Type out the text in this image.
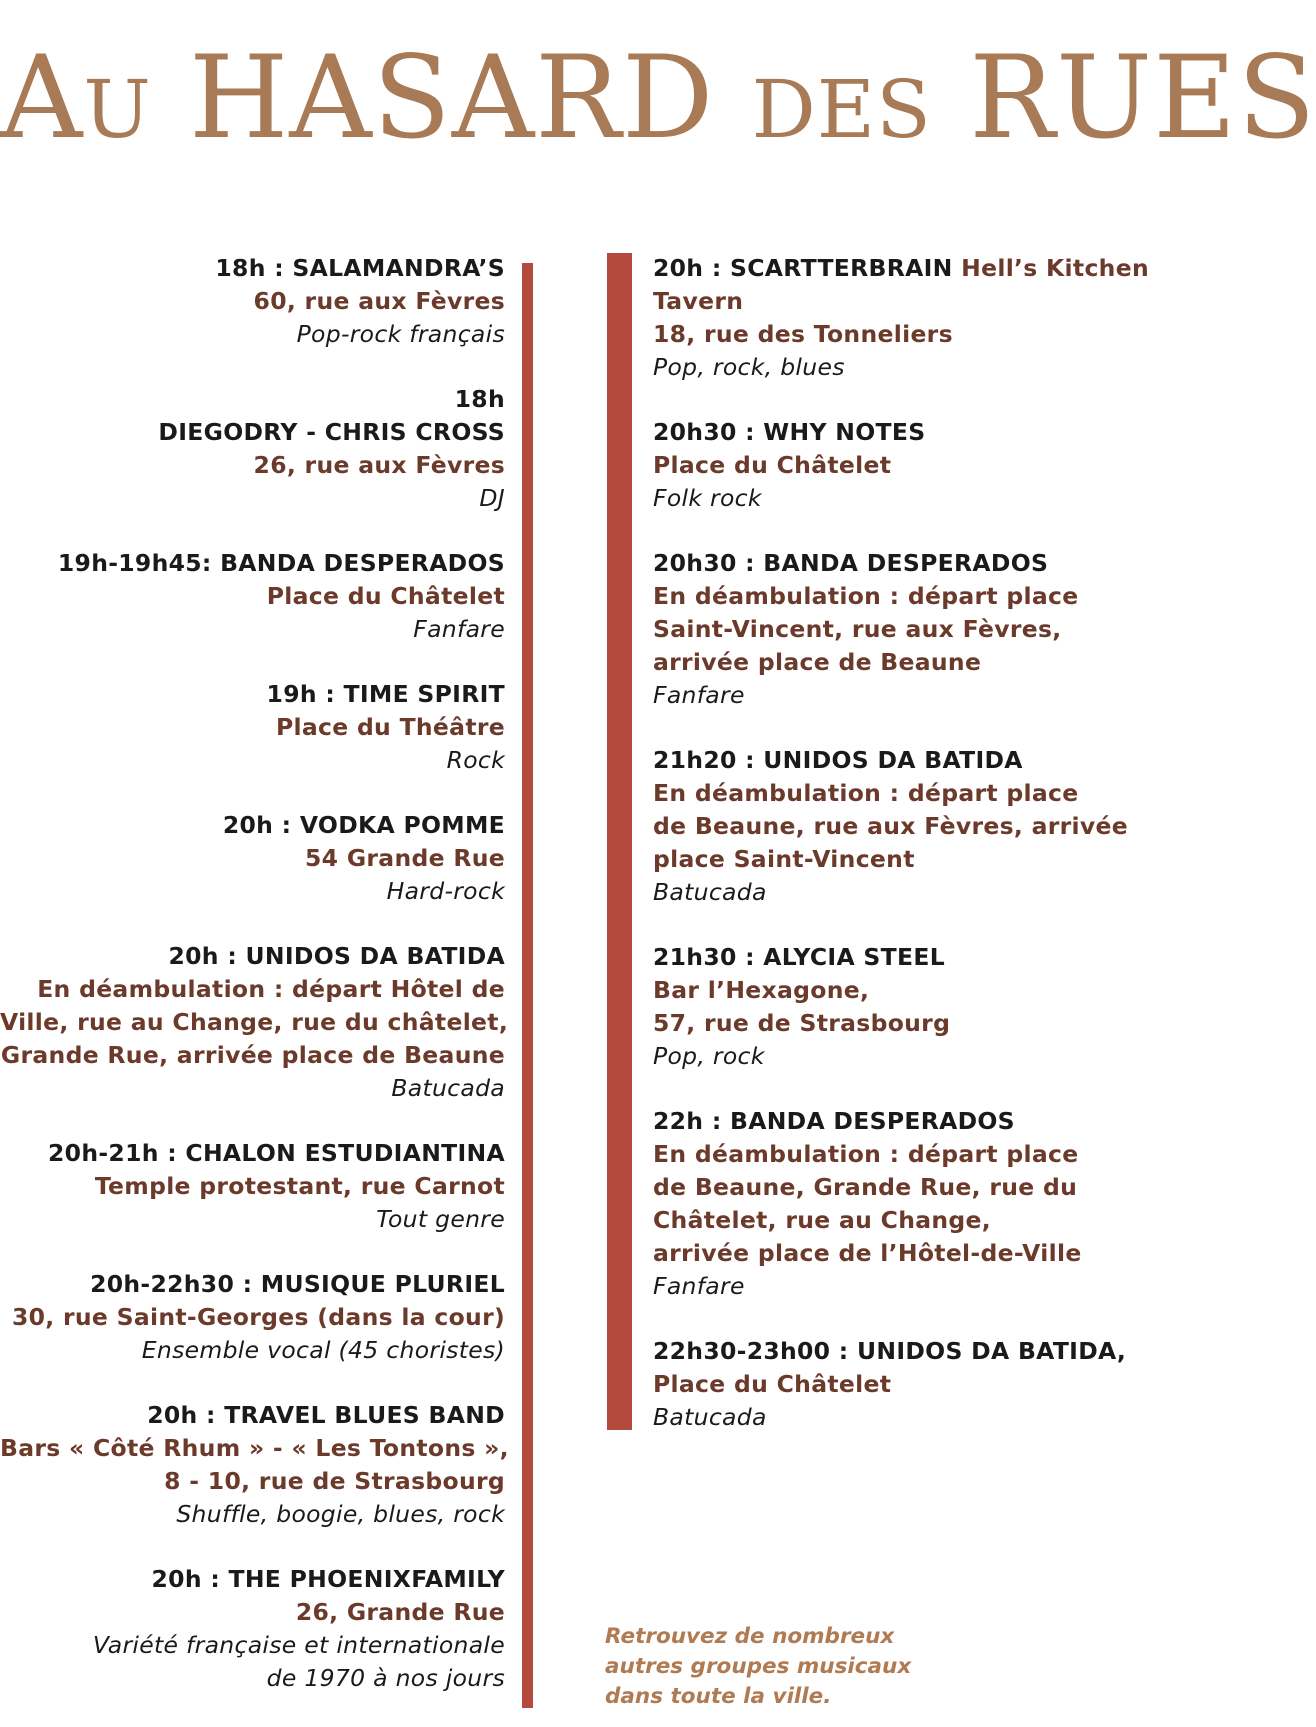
Au HASARD des RUES
18h : SALAMANDRA’S
60, rue aux Fèvres
Pop-rock français
18h
DIEGODRY - CHRIS CROSS
26, rue aux Fèvres
DJ
19h-19h45: BANDA DESPERADOS
Place du Châtelet
Fanfare
19h : TIME SPIRIT
Place du Théâtre
Rock
20h : VODKA POMME
54 Grande Rue
Hard-rock
20h : UNIDOS DA BATIDA
En déambulation : départ Hôtel de
Ville, rue au Change, rue du châtelet,
Grande Rue, arrivée place de Beaune
Batucada
20h-21h : CHALON ESTUDIANTINA
Temple protestant, rue Carnot
Tout genre
20h-22h30 : MUSIQUE PLURIEL
30, rue Saint-Georges (dans la cour)
Ensemble vocal (45 choristes)
20h : TRAVEL BLUES BAND
Bars « Côté Rhum » - « Les Tontons »,
8 - 10, rue de Strasbourg
Shuffle, boogie, blues, rock
20h : THE PHOENIXFAMILY
26, Grande Rue
Variété française et internationale
de 1970 à nos jours
20h : SCARTTERBRAIN Hell’s Kitchen
Tavern
18, rue des Tonneliers
Pop, rock, blues
20h30 : WHY NOTES
Place du Châtelet
Folk rock
20h30 : BANDA DESPERADOS
En déambulation : départ place
Saint-Vincent, rue aux Fèvres,
arrivée place de Beaune
Fanfare
21h20 : UNIDOS DA BATIDA
En déambulation : départ place
de Beaune, rue aux Fèvres, arrivée
place Saint-Vincent
Batucada
21h30 : ALYCIA STEEL
Bar l’Hexagone,
57, rue de Strasbourg
Pop, rock
22h : BANDA DESPERADOS
En déambulation : départ place
de Beaune, Grande Rue, rue du
Châtelet, rue au Change,
arrivée place de l’Hôtel-de-Ville
Fanfare
22h30-23h00 : UNIDOS DA BATIDA,
Place du Châtelet
Batucada
Retrouvez de nombreux
autres groupes musicaux
dans toute la ville.
